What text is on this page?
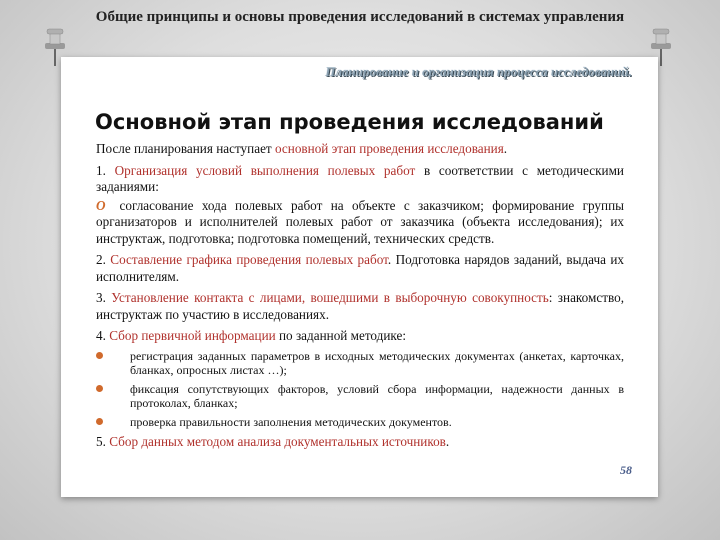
Общие принципы и основы проведения исследований в системах управления
Планирование и организация процесса исследований.
Основной этап проведения исследований

После планирования наступает основной этап проведения исследования.

1. Организация условий выполнения полевых работ в соответствии с методическими заданиями:

O согласование хода полевых работ на объекте с заказчиком; формирование группы организаторов и исполнителей полевых работ от заказчика (объекта исследования); их инструктаж, подготовка; подготовка помещений, технических средств.

2. Составление графика проведения полевых работ. Подготовка нарядов заданий, выдача их исполнителям.

3. Установление контакта с лицами, вошедшими в выборочную совокупность: знакомство, инструктаж по участию в исследованиях.

4. Сбор первичной информации по заданной методике:

регистрация заданных параметров в исходных методических документах (анкетах, карточках, бланках, опросных листах …);
фиксация сопутствующих факторов, условий сбора информации, надежности данных в протоколах, бланках;
проверка правильности заполнения методических документов.

5. Сбор данных методом анализа документальных источников.

58
